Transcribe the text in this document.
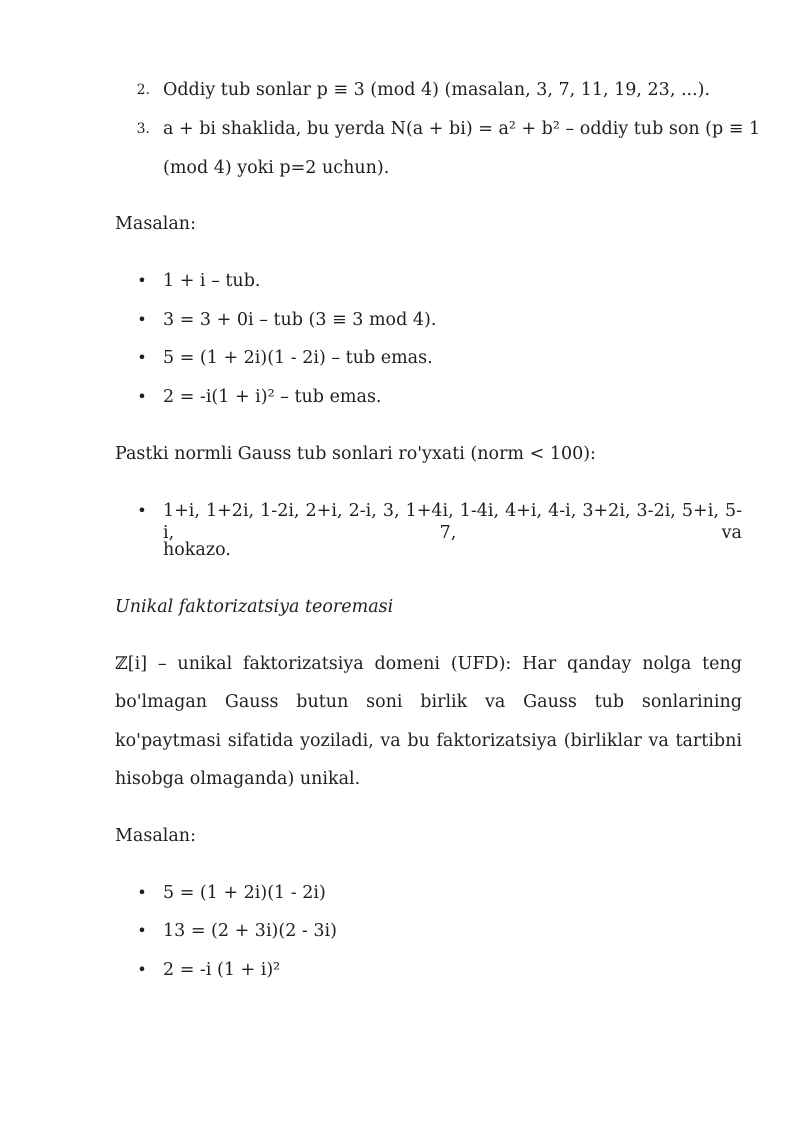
2. Oddiy tub sonlar p ≡ 3 (mod 4) (masalan, 3, 7, 11, 19, 23, ...).

3. a + bi shaklida, bu yerda N(a + bi) = a² + b² – oddiy tub son (p ≡ 1

(mod 4) yoki p=2 uchun).

Masalan:

• 1 + i – tub.

• 3 = 3 + 0i – tub (3 ≡ 3 mod 4).

• 5 = (1 + 2i)(1 - 2i) – tub emas.

• 2 = -i(1 + i)² – tub emas.

Pastki normli Gauss tub sonlari ro'yxati (norm < 100):

• 1+i, 1+2i, 1-2i, 2+i, 2-i, 3, 1+4i, 1-4i, 4+i, 4-i, 3+2i, 3-2i, 5+i, 5-i, 7, va

hokazo.

Unikal faktorizatsiya teoremasi

ℤ[i] – unikal faktorizatsiya domeni (UFD): Har qanday nolga teng

bo'lmagan Gauss butun soni birlik va Gauss tub sonlarining

ko'paytmasi sifatida yoziladi, va bu faktorizatsiya (birliklar va tartibni

hisobga olmaganda) unikal.

Masalan:

• 5 = (1 + 2i)(1 - 2i)

• 13 = (2 + 3i)(2 - 3i)

• 2 = -i (1 + i)²
